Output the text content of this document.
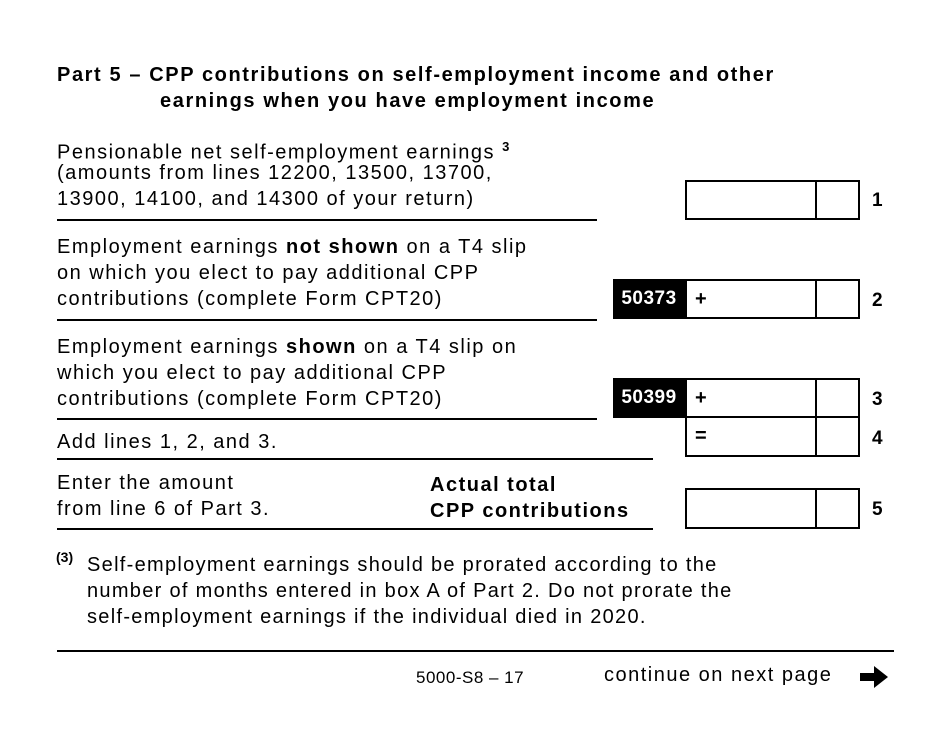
Part 5 – CPP contributions on self-employment income and other
earnings when you have employment income
Pensionable net self-employment earnings $^3$
(amounts from lines 12200, 13500, 13700,
13900, 14100, and 14300 of your return)	1
Employment earnings not shown on a T4 slip
on which you elect to pay additional CPP
contributions (complete Form CPT20)	50373 +	2
Employment earnings shown on a T4 slip on
which you elect to pay additional CPP
contributions (complete Form CPT20)	50399 +	3
Add lines 1, 2, and 3.	=	4
Enter the amount
from line 6 of Part 3.
Actual total
CPP contributions	5
(3) Self-employment earnings should be prorated according to the
number of months entered in box A of Part 2. Do not prorate the
self-employment earnings if the individual died in 2020.
5000-S8 – 17	continue on next page
